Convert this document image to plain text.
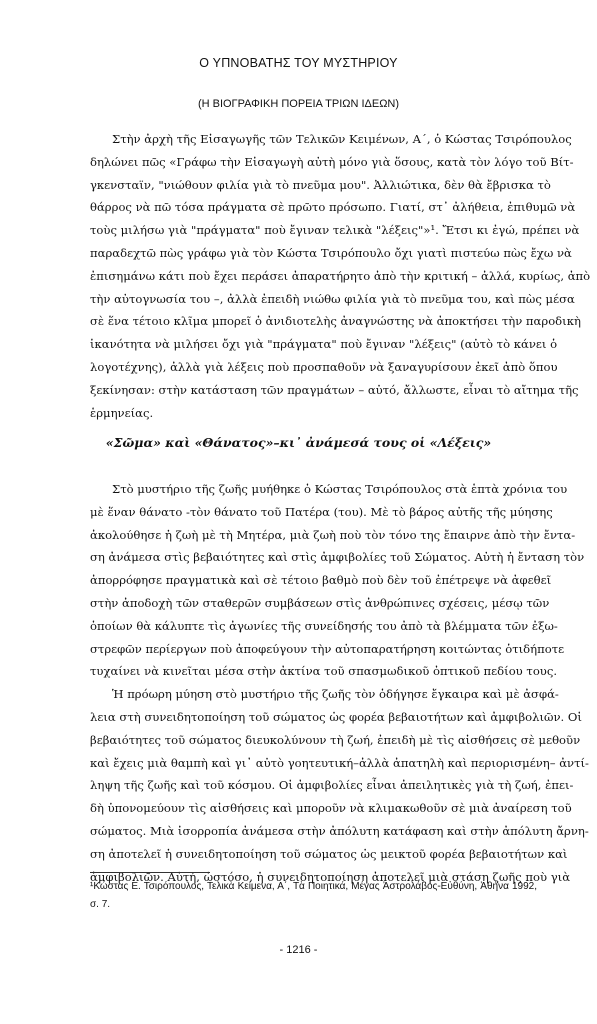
Ο ΥΠΝΟΒΑΤΗΣ ΤΟΥ ΜΥΣΤΗΡΙΟΥ
(Η ΒΙΟΓΡΑΦΙΚΗ ΠΟΡΕΙΑ ΤΡΙΩΝ ΙΔΕΩΝ)
Στὴν ἀρχὴ τῆς Εἰσαγωγῆς τῶν Τελικῶν Κειμένων, Α΄, ὁ Κώστας Τσιρόπουλος
δηλώνει πῶς «Γράφω τὴν Εἰσαγωγὴ αὐτὴ μόνο γιὰ ὅσους, κατὰ τὸν λόγο τοῦ Βίτ-
γκενσταϊν, "νιώθουν φιλία γιὰ τὸ πνεῦμα μου". Ἀλλιώτικα, δὲν θὰ ἔβρισκα τὸ
θάρρος νὰ πῶ τόσα πράγματα σὲ πρῶτο πρόσωπο. Γιατί, στ᾿ ἀλήθεια, ἐπιθυμῶ νὰ
τοὺς μιλήσω γιὰ "πράγματα" ποὺ ἔγιναν τελικὰ "λέξεις"»¹. Ἔτσι κι ἐγώ, πρέπει νὰ
παραδεχτῶ πὼς γράφω γιὰ τὸν Κώστα Τσιρόπουλο ὄχι γιατὶ πιστεύω πὼς ἔχω νὰ
ἐπισημάνω κάτι ποὺ ἔχει περάσει ἀπαρατήρητο ἀπὸ τὴν κριτική – ἀλλά, κυρίως, ἀπὸ
τὴν αὐτογνωσία του –, ἀλλὰ ἐπειδὴ νιώθω φιλία γιὰ τὸ πνεῦμα του, καὶ πὼς μέσα
σὲ ἕνα τέτοιο κλῖμα μπορεῖ ὁ ἀνιδιοτελὴς ἀναγνώστης νὰ ἀποκτήσει τὴν παροδικὴ
ἱκανότητα νὰ μιλήσει ὄχι γιὰ "πράγματα" ποὺ ἔγιναν "λέξεις" (αὐτὸ τὸ κάνει ὁ
λογοτέχνης), ἀλλὰ γιὰ λέξεις ποὺ προσπαθοῦν νὰ ξαναγυρίσουν ἐκεῖ ἀπὸ ὅπου
ξεκίνησαν: στὴν κατάσταση τῶν πραγμάτων – αὐτό, ἄλλωστε, εἶναι τὸ αἴτημα τῆς
ἑρμηνείας.
«Σῶμα» καὶ «Θάνατος»–κι᾿ ἀνάμεσά τους οἱ «Λέξεις»
Στὸ μυστήριο τῆς ζωῆς μυήθηκε ὁ Κώστας Τσιρόπουλος στὰ ἑπτὰ χρόνια του
μὲ ἕναν θάνατο -τὸν θάνατο τοῦ Πατέρα (του). Μὲ τὸ βάρος αὐτῆς τῆς μύησης
ἀκολούθησε ἡ ζωὴ μὲ τὴ Μητέρα, μιὰ ζωὴ ποὺ τὸν τόνο της ἔπαιρνε ἀπὸ τὴν ἔντα-
ση ἀνάμεσα στὶς βεβαιότητες καὶ στὶς ἀμφιβολίες τοῦ Σώματος. Αὐτὴ ἡ ἔνταση τὸν
ἀπορρόφησε πραγματικὰ καὶ σὲ τέτοιο βαθμὸ ποὺ δὲν τοῦ ἐπέτρεψε νὰ ἀφεθεῖ
στὴν ἀποδοχὴ τῶν σταθερῶν συμβάσεων στὶς ἀνθρώπινες σχέσεις, μέσῳ τῶν
ὁποίων θὰ κάλυπτε τὶς ἀγωνίες τῆς συνείδησής του ἀπὸ τὰ βλέμματα τῶν ἐξω-
στρεφῶν περίεργων ποὺ ἀποφεύγουν τὴν αὐτοπαρατήρηση κοιτώντας ὁτιδήποτε
τυχαίνει νὰ κινεῖται μέσα στὴν ἀκτίνα τοῦ σπασμωδικοῦ ὀπτικοῦ πεδίου τους.
Ἡ πρόωρη μύηση στὸ μυστήριο τῆς ζωῆς τὸν ὁδήγησε ἔγκαιρα καὶ μὲ ἀσφά-
λεια στὴ συνειδητοποίηση τοῦ σώματος ὡς φορέα βεβαιοτήτων καὶ ἀμφιβολιῶν. Οἱ
βεβαιότητες τοῦ σώματος διευκολύνουν τὴ ζωή, ἐπειδὴ μὲ τὶς αἰσθήσεις σὲ μεθοῦν
καὶ ἔχεις μιὰ θαμπὴ καὶ γι᾿ αὐτὸ γοητευτική–ἀλλὰ ἀπατηλὴ καὶ περιορισμένη– ἀντί-
ληψη τῆς ζωῆς καὶ τοῦ κόσμου. Οἱ ἀμφιβολίες εἶναι ἀπειλητικὲς γιὰ τὴ ζωή, ἐπει-
δὴ ὑπονομεύουν τὶς αἰσθήσεις καὶ μποροῦν νὰ κλιμακωθοῦν σὲ μιὰ ἀναίρεση τοῦ
σώματος. Μιὰ ἰσορροπία ἀνάμεσα στὴν ἀπόλυτη κατάφαση καὶ στὴν ἀπόλυτη ἄρνη-
ση ἀποτελεῖ ἡ συνειδητοποίηση τοῦ σώματος ὡς μεικτοῦ φορέα βεβαιοτήτων καὶ
ἀμφιβολιῶν. Αὐτή, ὡστόσο, ἡ συνειδητοποίηση ἀποτελεῖ μιὰ στάση ζωῆς ποὺ γιὰ
¹Κώστας Ε. Τσιρόπουλος, Τελικὰ Κείμενα, Α΄, Τὰ Ποιητικά, Μέγας Ἀστρολάβος-Εὐθύνη, Ἀθήνα 1992,
σ. 7.
- 1216 -
